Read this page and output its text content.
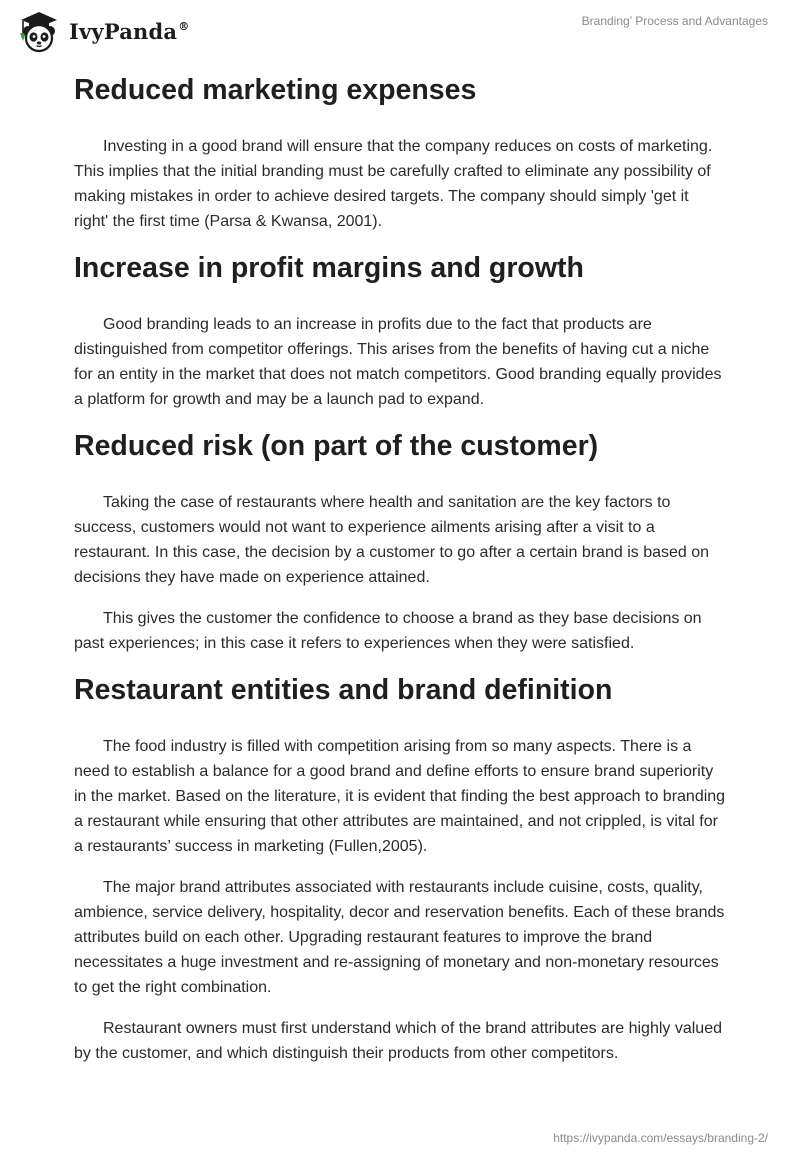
IvyPanda®	Branding’ Process and Advantages
Reduced marketing expenses

Investing in a good brand will ensure that the company reduces on costs of marketing. This implies that the initial branding must be carefully crafted to eliminate any possibility of making mistakes in order to achieve desired targets. The company should simply 'get it right' the first time (Parsa & Kwansa, 2001).

Increase in profit margins and growth

Good branding leads to an increase in profits due to the fact that products are distinguished from competitor offerings. This arises from the benefits of having cut a niche for an entity in the market that does not match competitors. Good branding equally provides a platform for growth and may be a launch pad to expand.

Reduced risk (on part of the customer)

Taking the case of restaurants where health and sanitation are the key factors to success, customers would not want to experience ailments arising after a visit to a restaurant. In this case, the decision by a customer to go after a certain brand is based on decisions they have made on experience attained.

This gives the customer the confidence to choose a brand as they base decisions on past experiences; in this case it refers to experiences when they were satisfied.

Restaurant entities and brand definition

The food industry is filled with competition arising from so many aspects. There is a need to establish a balance for a good brand and define efforts to ensure brand superiority in the market. Based on the literature, it is evident that finding the best approach to branding a restaurant while ensuring that other attributes are maintained, and not crippled, is vital for a restaurants’ success in marketing (Fullen,2005).

The major brand attributes associated with restaurants include cuisine, costs, quality, ambience, service delivery, hospitality, decor and reservation benefits. Each of these brands attributes build on each other. Upgrading restaurant features to improve the brand necessitates a huge investment and re-assigning of monetary and non-monetary resources to get the right combination.

Restaurant owners must first understand which of the brand attributes are highly valued by the customer, and which distinguish their products from other competitors.

https://ivypanda.com/essays/branding-2/
